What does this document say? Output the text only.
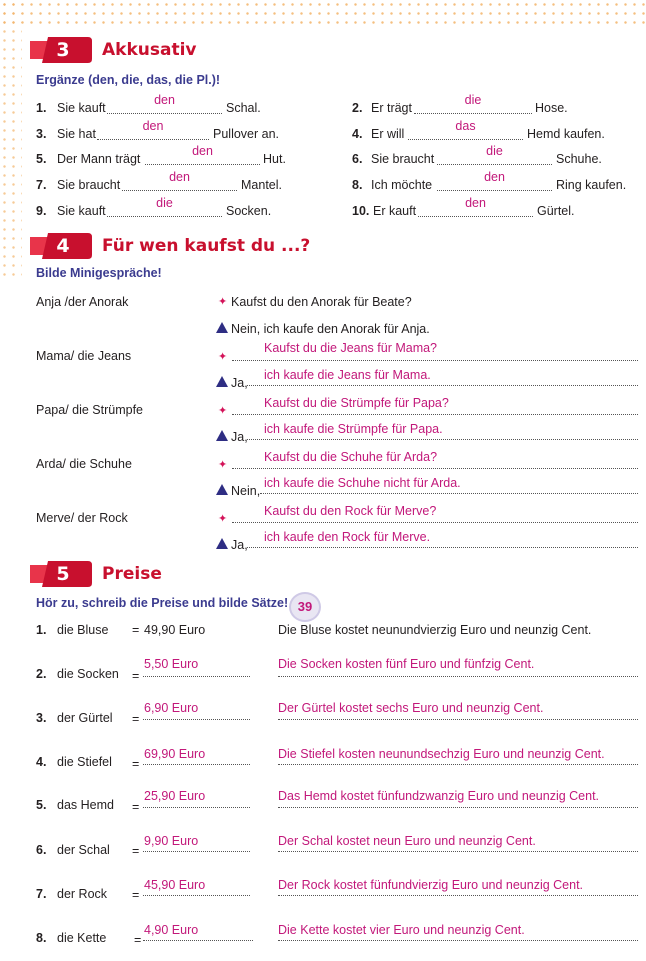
3 Akkusativ
Ergänze (den, die, das, die Pl.)!
1. Sie kauft
den
Schal.	2. Er trägt
die
Hose.
3. Sie hat
den
Pullover an.	4. Er will
das
Hemd kaufen.
5. Der Mann trägt
den
Hut.	6. Sie braucht
die
Schuhe.
7. Sie braucht
den
Mantel.	8. Ich möchte
den
Ring kaufen.
9. Sie kauft
die
Socken.	10. Er kauft
den
Gürtel.
4 Für wen kaufst du ...?
Bilde Minigespräche!
Anja /der Anorak	✦ Kaufst du den Anorak für Beate?
Nein, ich kaufe den Anorak für Anja.
Mama/ die Jeans	✦
Kaufst du die Jeans für Mama?
Ja,
ich kaufe die Jeans für Mama.
Papa/ die Strümpfe	✦
Kaufst du die Strümpfe für Papa?
Ja,
ich kaufe die Strümpfe für Papa.
Arda/ die Schuhe	✦
Kaufst du die Schuhe für Arda?
Nein,
ich kaufe die Schuhe nicht für Arda.
Merve/ der Rock	✦
Kaufst du den Rock für Merve?
Ja,
ich kaufe den Rock für Merve.
5 Preise
Hör zu, schreib die Preise und bilde Sätze! 39
1. die Bluse = 49,90 Euro	Die Bluse kostet neunundvierzig Euro und neunzig Cent.
2. die Socken =
5,50 Euro	Die Socken kosten fünf Euro und fünfzig Cent.
3. der Gürtel =
6,90 Euro	Der Gürtel kostet sechs Euro und neunzig Cent.
4. die Stiefel =
69,90 Euro	Die Stiefel kosten neunundsechzig Euro und neunzig Cent.
5. das Hemd =
25,90 Euro	Das Hemd kostet fünfundzwanzig Euro und neunzig Cent.
6. der Schal =
9,90 Euro	Der Schal kostet neun Euro und neunzig Cent.
7. der Rock =
45,90 Euro	Der Rock kostet fünfundvierzig Euro und neunzig Cent.
8. die Kette =
4,90 Euro	Die Kette kostet vier Euro und neunzig Cent.
